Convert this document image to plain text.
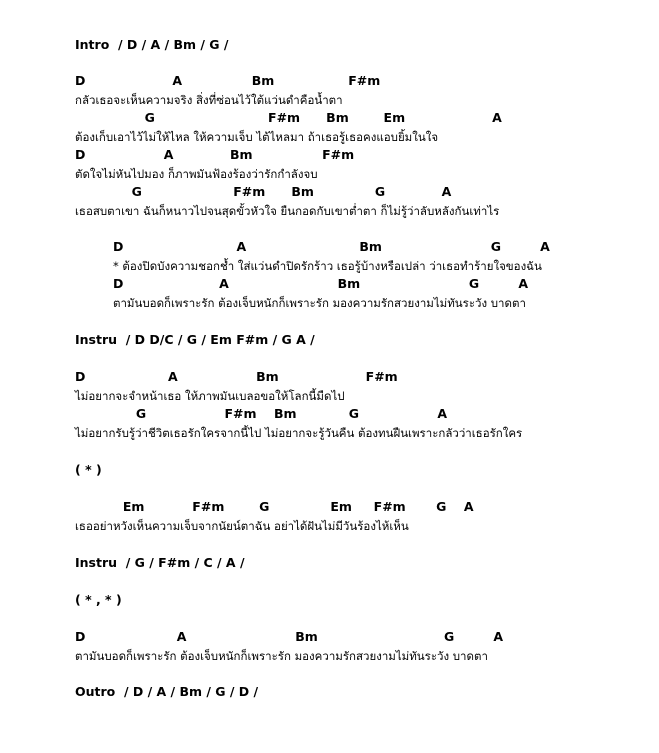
Intro  / D / A / Bm / G /
D                    A                Bm                 F#m
กลัวเธอจะเห็นความจริง สิ่งที่ซ่อนไว้ใต้แว่นดำคือน้ำตา
G                          F#m      Bm        Em                    A
ต้องเก็บเอาไว้ไม่ให้ไหล ให้ความเจ็บ ไต้ไหลมา ถ้าเธอรู้เธอคงแอบยิ้มในใจ
D                  A             Bm                F#m
ตัดใจไม่หันไปมอง ก็ภาพมันฟ้องร้องว่ารักกำลังจบ
G                     F#m      Bm              G             A
เธอสบตาเขา ฉันก็หนาวไปจนสุดขั้วหัวใจ ยืนกอดกับเขาต่ำตา ก็ไม่รู้ว่าลับหลังกันเท่าไร
D                          A                          Bm                         G         A
* ต้องปิดบังความชอกช้ำ ใส่แว่นดำปิดรักร้าว เธอรู้บ้างหรือเปล่า ว่าเธอทำร้ายใจของฉัน
D                      A                         Bm                         G         A
ตามันบอดก็เพราะรัก ต้องเจ็บหนักก็เพราะรัก มองความรักสวยงามไม่ทันระวัง บาดตา
Instru  / D D/C / G / Em F#m / G A /
D                   A                  Bm                    F#m
ไม่อยากจะจำหน้าเธอ ให้ภาพมันเบลอขอให้โลกนี้มืดไป
G                  F#m    Bm            G                  A
ไม่อยากรับรู้ว่าชีวิตเธอรักใครจากนี้ไป ไม่อยากจะรู้วันคืน ต้องทนฝืนเพราะกลัวว่าเธอรักใคร
( * )
Em           F#m        G              Em     F#m       G    A
เธออย่าหวังเห็นความเจ็บจากนัยน์ตาฉัน อย่าได้ฝันไม่มีวันร้องไห้เห็น
Instru  / G / F#m / C / A /
( * , * )
D                     A                         Bm                             G         A
ตามันบอดก็เพราะรัก ต้องเจ็บหนักก็เพราะรัก มองความรักสวยงามไม่ทันระวัง บาดตา
Outro  / D / A / Bm / G / D /
